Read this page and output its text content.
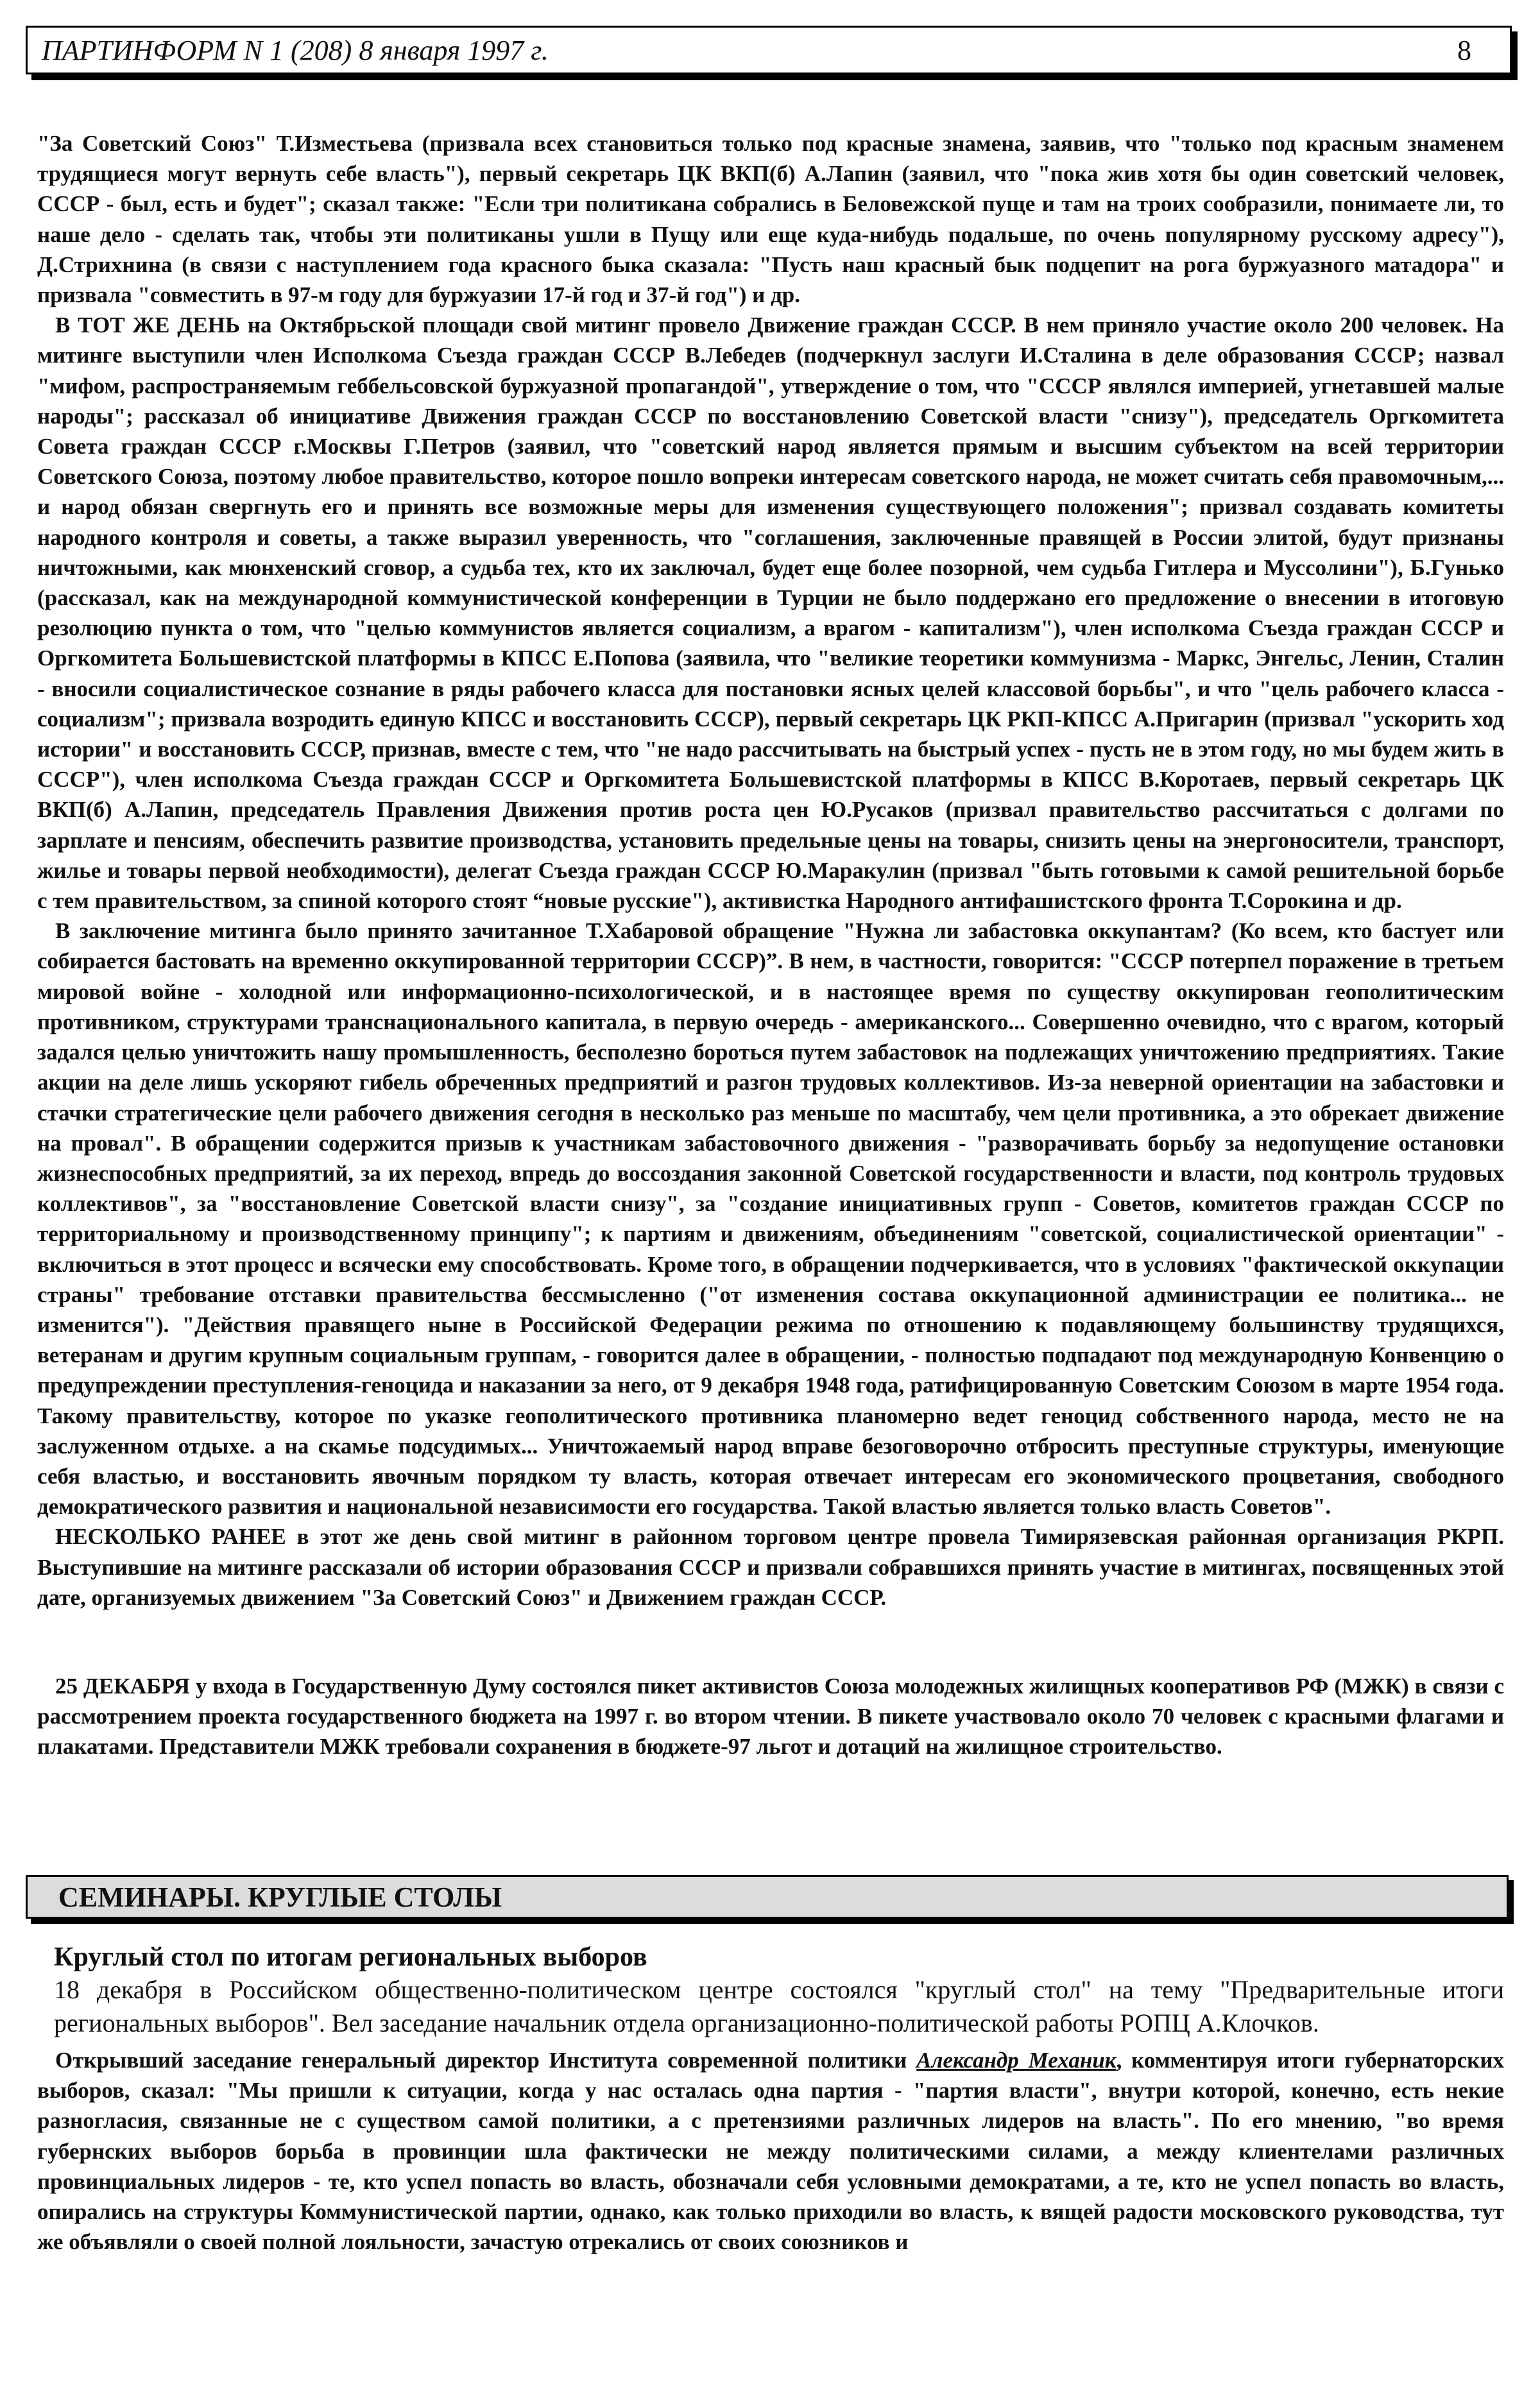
ПАРТИНФОРМ N 1 (208) 8 января 1997 г.	8

"За Советский Союз" Т.Изместьева (призвала всех становиться только под красные знамена, заявив, что "только под красным знаменем трудящиеся могут вернуть себе власть"), первый секретарь ЦК ВКП(б) А.Лапин (заявил, что "пока жив хотя бы один советский человек, СССР - был, есть и будет"; сказал также: "Если три политикана собрались в Беловежской пуще и там на троих сообразили, понимаете ли, то наше дело - сделать так, чтобы эти политиканы ушли в Пущу или еще куда-нибудь подальше, по очень популярному русскому адресу"), Д.Стрихнина (в связи с наступлением года красного быка сказала: "Пусть наш красный бык подцепит на рога буржуазного матадора" и призвала "совместить в 97-м году для буржуазии 17-й год и 37-й год") и др.

В ТОТ ЖЕ ДЕНЬ на Октябрьской площади свой митинг провело Движение граждан СССР. В нем приняло участие около 200 человек. На митинге выступили член Исполкома Съезда граждан СССР В.Лебедев (подчеркнул заслуги И.Сталина в деле образования СССР; назвал "мифом, распространяемым геббельсовской буржуазной пропагандой", утверждение о том, что "СССР являлся империей, угнетавшей малые народы"; рассказал об инициативе Движения граждан СССР по восстановлению Советской власти "снизу"), председатель Оргкомитета Совета граждан СССР г.Москвы Г.Петров (заявил, что "советский народ является прямым и высшим субъектом на всей территории Советского Союза, поэтому любое правительство, которое пошло вопреки интересам советского народа, не может считать себя правомочным,... и народ обязан свергнуть его и принять все возможные меры для изменения существующего положения"; призвал создавать комитеты народного контроля и советы, а также выразил уверенность, что "соглашения, заключенные правящей в России элитой, будут признаны ничтожными, как мюнхенский сговор, а судьба тех, кто их заключал, будет еще более позорной, чем судьба Гитлера и Муссолини"), Б.Гунько (рассказал, как на международной коммунистической конференции в Турции не было поддержано его предложение о внесении в итоговую резолюцию пункта о том, что "целью коммунистов является социализм, а врагом - капитализм"), член исполкома Съезда граждан СССР и Оргкомитета Большевистской платформы в КПСС Е.Попова (заявила, что "великие теоретики коммунизма - Маркс, Энгельс, Ленин, Сталин - вносили социалистическое сознание в ряды рабочего класса для постановки ясных целей классовой борьбы", и что "цель рабочего класса - социализм"; призвала возродить единую КПСС и восстановить СССР), первый секретарь ЦК РКП-КПСС А.Пригарин (призвал "ускорить ход истории" и восстановить СССР, признав, вместе с тем, что "не надо рассчитывать на быстрый успех - пусть не в этом году, но мы будем жить в СССР"), член исполкома Съезда граждан СССР и Оргкомитета Большевистской платформы в КПСС В.Коротаев, первый секретарь ЦК ВКП(б) А.Лапин, председатель Правления Движения против роста цен Ю.Русаков (призвал правительство рассчитаться с долгами по зарплате и пенсиям, обеспечить развитие производства, установить предельные цены на товары, снизить цены на энергоносители, транспорт, жилье и товары первой необходимости), делегат Съезда граждан СССР Ю.Маракулин (призвал "быть готовыми к самой решительной борьбе с тем правительством, за спиной которого стоят “новые русские"), активистка Народного антифашистского фронта Т.Сорокина и др.

В заключение митинга было принято зачитанное Т.Хабаровой обращение "Нужна ли забастовка оккупантам? (Ко всем, кто бастует или собирается бастовать на временно оккупированной территории СССР)”. В нем, в частности, говорится: "СССР потерпел поражение в третьем мировой войне - холодной или информационно-психологической, и в настоящее время по существу оккупирован геополитическим противником, структурами транснационального капитала, в первую очередь - американского... Совершенно очевидно, что с врагом, который задался целью уничтожить нашу промышленность, бесполезно бороться путем забастовок на подлежащих уничтожению предприятиях. Такие акции на деле лишь ускоряют гибель обреченных предприятий и разгон трудовых коллективов. Из-за неверной ориентации на забастовки и стачки стратегические цели рабочего движения сегодня в несколько раз меньше по масштабу, чем цели противника, а это обрекает движение на провал". В обращении содержится призыв к участникам забастовочного движения - "разворачивать борьбу за недопущение остановки жизнеспособных предприятий, за их переход, впредь до воссоздания законной Советской государственности и власти, под контроль трудовых коллективов", за "восстановление Советской власти снизу", за "создание инициативных групп - Советов, комитетов граждан СССР по территориальному и производственному принципу"; к партиям и движениям, объединениям "советской, социалистической ориентации" - включиться в этот процесс и всячески ему способствовать. Кроме того, в обращении подчеркивается, что в условиях "фактической оккупации страны" требование отставки правительства бессмысленно ("от изменения состава оккупационной администрации ее политика... не изменится"). "Действия правящего ныне в Российской Федерации режима по отношению к подавляющему большинству трудящихся, ветеранам и другим крупным социальным группам, - говорится далее в обращении, - полностью подпадают под международную Конвенцию о предупреждении преступления-геноцида и наказании за него, от 9 декабря 1948 года, ратифицированную Советским Союзом в марте 1954 года. Такому правительству, которое по указке геополитического противника планомерно ведет геноцид собственного народа, место не на заслуженном отдыхе. а на скамье подсудимых... Уничтожаемый народ вправе безоговорочно отбросить преступные структуры, именующие себя властью, и восстановить явочным порядком ту власть, которая отвечает интересам его экономического процветания, свободного демократического развития и национальной независимости его государства. Такой властью является только власть Советов".

НЕСКОЛЬКО РАНЕЕ в этот же день свой митинг в районном торговом центре провела Тимирязевская районная организация РКРП. Выступившие на митинге рассказали об истории образования СССР и призвали собравшихся принять участие в митингах, посвященных этой дате, организуемых движением "За Советский Союз" и Движением граждан СССР.

25 ДЕКАБРЯ у входа в Государственную Думу состоялся пикет активистов Союза молодежных жилищных кооперативов РФ (МЖК) в связи с рассмотрением проекта государственного бюджета на 1997 г. во втором чтении. В пикете участвовало около 70 человек с красными флагами и плакатами. Представители МЖК требовали сохранения в бюджете-97 льгот и дотаций на жилищное строительство.

СЕМИНАРЫ. КРУГЛЫЕ СТОЛЫ
Круглый стол по итогам региональных выборов

18 декабря в Российском общественно-политическом центре состоялся "круглый стол" на тему "Предварительные итоги региональных выборов". Вел заседание начальник отдела организационно-политической работы РОПЦ А.Клочков.

Открывший заседание генеральный директор Института современной политики Александр Механик, комментируя итоги губернаторских выборов, сказал: "Мы пришли к ситуации, когда у нас осталась одна партия - "партия власти", внутри которой, конечно, есть некие разногласия, связанные не с существом самой политики, а с претензиями различных лидеров на власть". По его мнению, "во время губернских выборов борьба в провинции шла фактически не между политическими силами, а между клиентелами различных провинциальных лидеров - те, кто успел попасть во власть, обозначали себя условными демократами, а те, кто не успел попасть во власть, опирались на структуры Коммунистической партии, однако, как только приходили во власть, к вящей радости московского руководства, тут же объявляли о своей полной лояльности, зачастую отрекались от своих союзников и
